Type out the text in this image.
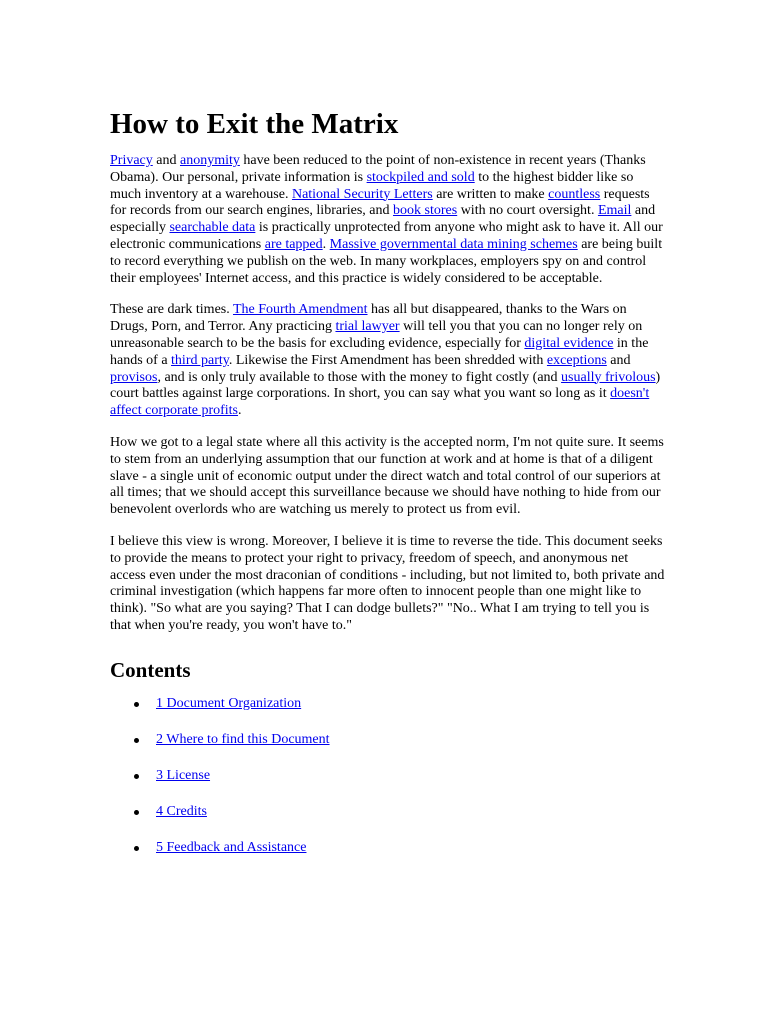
How to Exit the Matrix

Privacy and anonymity have been reduced to the point of non-existence in recent years (Thanks Obama). Our personal, private information is stockpiled and sold to the highest bidder like so much inventory at a warehouse. National Security Letters are written to make countless requests for records from our search engines, libraries, and book stores with no court oversight. Email and especially searchable data is practically unprotected from anyone who might ask to have it. All our electronic communications are tapped. Massive governmental data mining schemes are being built to record everything we publish on the web. In many workplaces, employers spy on and control their employees' Internet access, and this practice is widely considered to be acceptable.

These are dark times. The Fourth Amendment has all but disappeared, thanks to the Wars on Drugs, Porn, and Terror. Any practicing trial lawyer will tell you that you can no longer rely on unreasonable search to be the basis for excluding evidence, especially for digital evidence in the hands of a third party. Likewise the First Amendment has been shredded with exceptions and provisos, and is only truly available to those with the money to fight costly (and usually frivolous) court battles against large corporations. In short, you can say what you want so long as it doesn't affect corporate profits.

How we got to a legal state where all this activity is the accepted norm, I'm not quite sure. It seems to stem from an underlying assumption that our function at work and at home is that of a diligent slave - a single unit of economic output under the direct watch and total control of our superiors at all times; that we should accept this surveillance because we should have nothing to hide from our benevolent overlords who are watching us merely to protect us from evil.

I believe this view is wrong. Moreover, I believe it is time to reverse the tide. This document seeks to provide the means to protect your right to privacy, freedom of speech, and anonymous net access even under the most draconian of conditions - including, but not limited to, both private and criminal investigation (which happens far more often to innocent people than one might like to think). "So what are you saying? That I can dodge bullets?" "No.. What I am trying to tell you is that when you're ready, you won't have to."

Contents
1 Document Organization
2 Where to find this Document
3 License
4 Credits
5 Feedback and Assistance
